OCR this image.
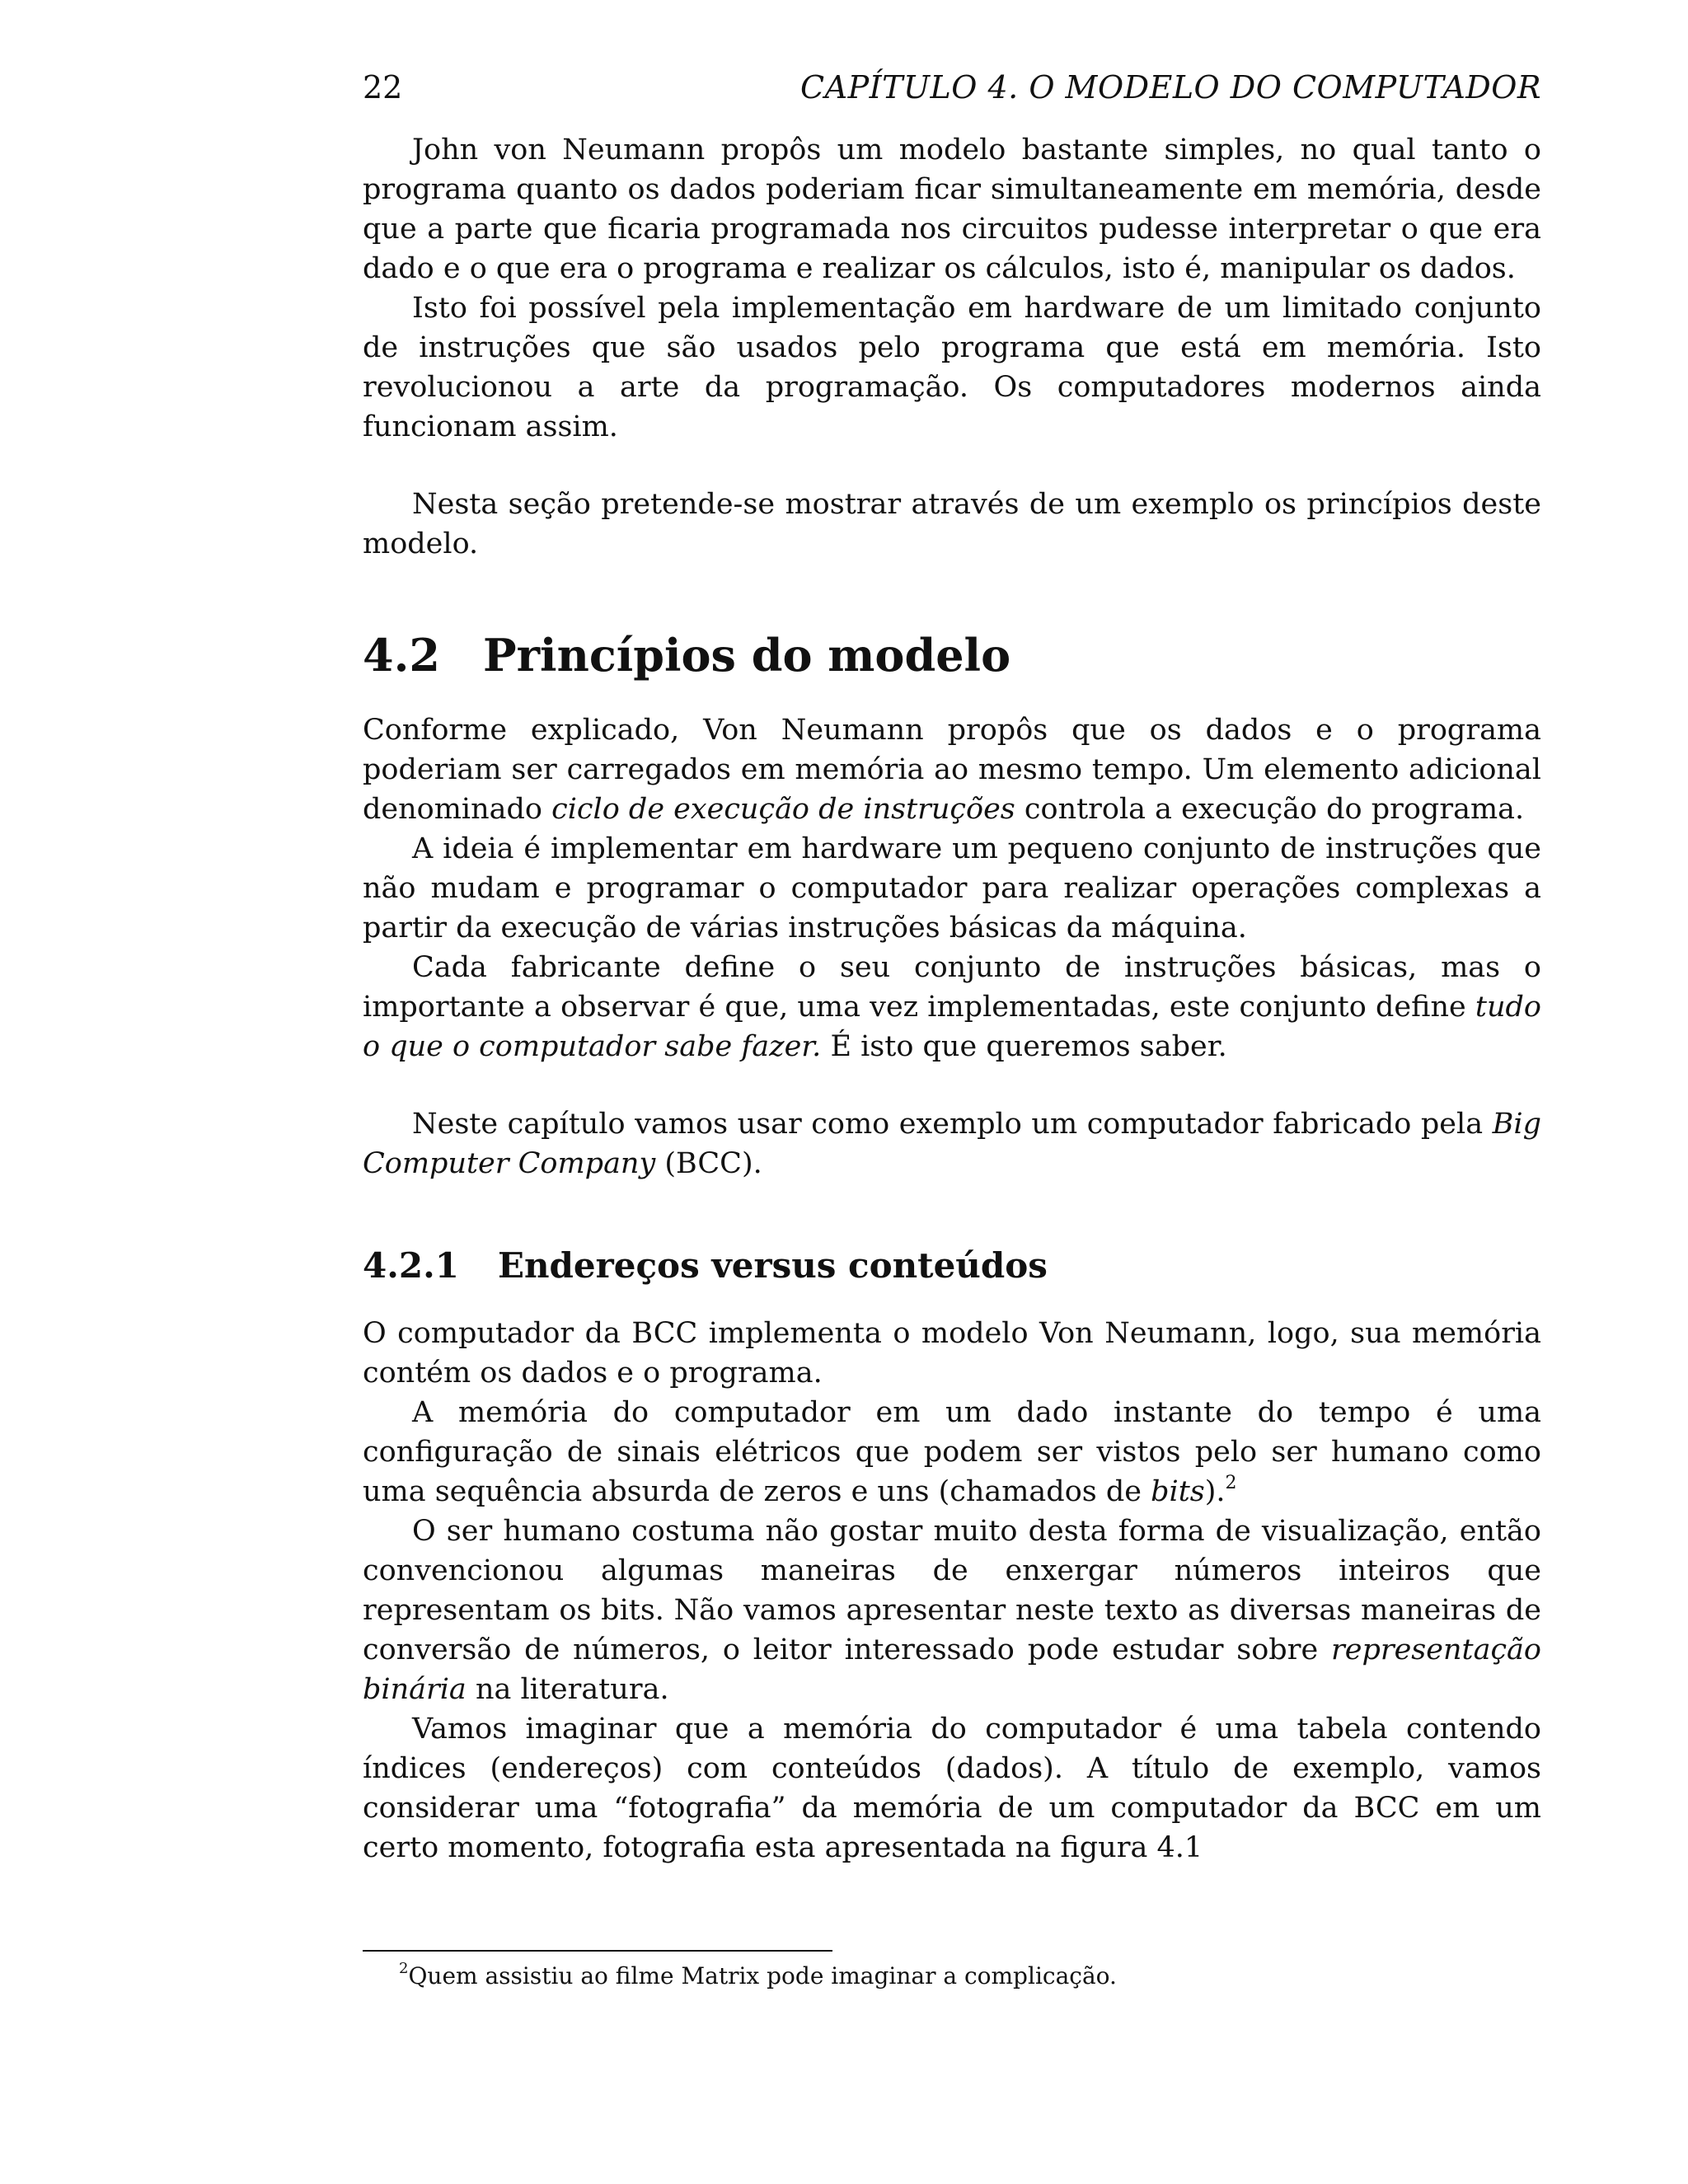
22	CAPÍTULO 4. O MODELO DO COMPUTADOR

John von Neumann propôs um modelo bastante simples, no qual tanto o programa quanto os dados poderiam ficar simultaneamente em memória, desde que a parte que ficaria programada nos circuitos pudesse interpretar o que era dado e o que era o programa e realizar os cálculos, isto é, manipular os dados.

Isto foi possível pela implementação em hardware de um limitado conjunto de instruções que são usados pelo programa que está em memória. Isto revolucionou a arte da programação. Os computadores modernos ainda funcionam assim.

Nesta seção pretende-se mostrar através de um exemplo os princípios deste modelo.

4.2 Princípios do modelo

Conforme explicado, Von Neumann propôs que os dados e o programa poderiam ser carregados em memória ao mesmo tempo. Um elemento adicional denominado ciclo de execução de instruções controla a execução do programa.

A ideia é implementar em hardware um pequeno conjunto de instruções que não mudam e programar o computador para realizar operações complexas a partir da execução de várias instruções básicas da máquina.

Cada fabricante define o seu conjunto de instruções básicas, mas o importante a observar é que, uma vez implementadas, este conjunto define tudo o que o computador sabe fazer. É isto que queremos saber.

Neste capítulo vamos usar como exemplo um computador fabricado pela Big Computer Company (BCC).

4.2.1 Endereços versus conteúdos

O computador da BCC implementa o modelo Von Neumann, logo, sua memória contém os dados e o programa.

A memória do computador em um dado instante do tempo é uma configuração de sinais elétricos que podem ser vistos pelo ser humano como uma sequência absurda de zeros e uns (chamados de bits).$^2$

O ser humano costuma não gostar muito desta forma de visualização, então convencionou algumas maneiras de enxergar números inteiros que representam os bits. Não vamos apresentar neste texto as diversas maneiras de conversão de números, o leitor interessado pode estudar sobre representação binária na literatura.

Vamos imaginar que a memória do computador é uma tabela contendo índices (endereços) com conteúdos (dados). A título de exemplo, vamos considerar uma “fotografia” da memória de um computador da BCC em um certo momento, fotografia esta apresentada na figura 4.1

$^2$Quem assistiu ao filme Matrix pode imaginar a complicação.
